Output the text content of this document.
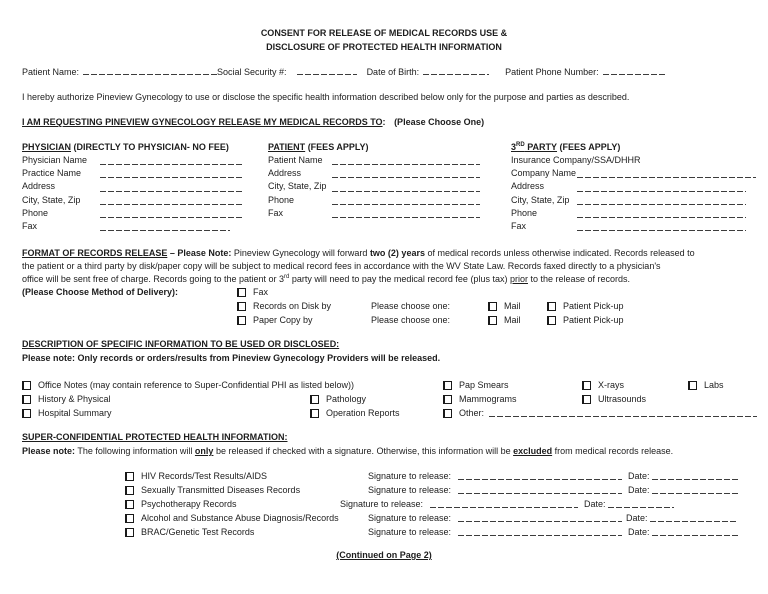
CONSENT FOR RELEASE OF MEDICAL RECORDS USE &
DISCLOSURE OF PROTECTED HEALTH INFORMATION
Patient Name:	Social Security #:	Date of Birth:	Patient Phone Number:
I hereby authorize Pineview Gynecology to use or disclose the specific health information described below only for the purpose and parties as described.
I AM REQUESTING PINEVIEW GYNECOLOGY RELEASE MY MEDICAL RECORDS TO: (Please Choose One)
PHYSICIAN (DIRECTLY TO PHYSICIAN- NO FEE)
Physician Name
Practice Name
Address
City, State, Zip
Phone
Fax
PATIENT (FEES APPLY)
Patient Name
Address
City, State, Zip
Phone
Fax
3RD PARTY (FEES APPLY)
Insurance Company/SSA/DHHR
Company Name
Address
City, State, Zip
Phone
Fax
FORMAT OF RECORDS RELEASE – Please Note: Pineview Gynecology will forward two (2) years of medical records unless otherwise indicated. Records released to
the patient or a third party by disk/paper copy will be subject to medical record fees in accordance with the WV State Law. Records faxed directly to a physician's
office will be sent free of charge. Records going to the patient or 3rd party will need to pay the medical record fee (plus tax) prior to the release of records.
(Please Choose Method of Delivery):	Fax
Records on Disk by	Please choose one:	Mail	Patient Pick-up
Paper Copy by	Please choose one:	Mail	Patient Pick-up
DESCRIPTION OF SPECIFIC INFORMATION TO BE USED OR DISCLOSED:
Please note: Only records or orders/results from Pineview Gynecology Providers will be released.
Office Notes (may contain reference to Super-Confidential PHI as listed below))	Pap Smears	X-rays	Labs
History & Physical	Pathology	Mammograms	Ultrasounds
Hospital Summary	Operation Reports	Other:
SUPER-CONFIDENTIAL PROTECTED HEALTH INFORMATION:
Please note: The following information will only be released if checked with a signature. Otherwise, this information will be excluded from medical records release.
HIV Records/Test Results/AIDS	Signature to release:	Date:
Sexually Transmitted Diseases Records	Signature to release:	Date:
Psychotherapy Records	Signature to release:	Date:
Alcohol and Substance Abuse Diagnosis/Records	Signature to release:	Date:
BRAC/Genetic Test Records	Signature to release:	Date:
(Continued on Page 2)
